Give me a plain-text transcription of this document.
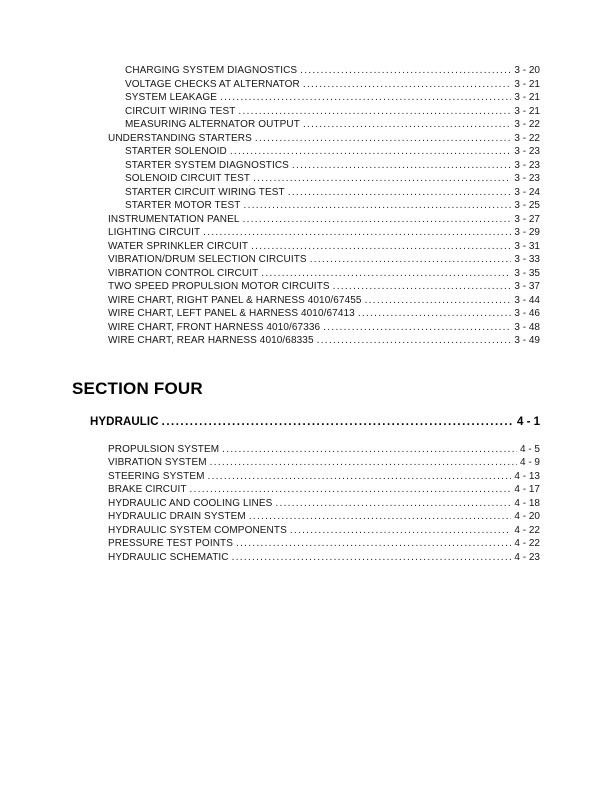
CHARGING SYSTEM DIAGNOSTICS .....	3 - 20
VOLTAGE CHECKS AT ALTERNATOR .....	3 - 21
SYSTEM LEAKAGE .....	3 - 21
CIRCUIT WIRING TEST .....	3 - 21
MEASURING ALTERNATOR OUTPUT .....	3 - 22
UNDERSTANDING STARTERS .....	3 - 22
STARTER SOLENOID .....	3 - 23
STARTER SYSTEM DIAGNOSTICS .....	3 - 23
SOLENOID CIRCUIT TEST .....	3 - 23
STARTER CIRCUIT WIRING TEST .....	3 - 24
STARTER MOTOR TEST .....	3 - 25
INSTRUMENTATION PANEL .....	3 - 27
LIGHTING CIRCUIT .....	3 - 29
WATER SPRINKLER CIRCUIT .....	3 - 31
VIBRATION/DRUM SELECTION CIRCUITS .....	3 - 33
VIBRATION CONTROL CIRCUIT .....	3 - 35
TWO SPEED PROPULSION MOTOR CIRCUITS .....	3 - 37
WIRE CHART, RIGHT PANEL & HARNESS 4010/67455 .....	3 - 44
WIRE CHART, LEFT PANEL & HARNESS 4010/67413 .....	3 - 46
WIRE CHART, FRONT HARNESS 4010/67336 .....	3 - 48
WIRE CHART, REAR HARNESS 4010/68335 .....	3 - 49
SECTION FOUR
HYDRAULIC .....	4 - 1
PROPULSION SYSTEM .....	4 - 5
VIBRATION SYSTEM .....	4 - 9
STEERING SYSTEM .....	4 - 13
BRAKE CIRCUIT .....	4 - 17
HYDRAULIC AND COOLING LINES .....	4 - 18
HYDRAULIC DRAIN SYSTEM .....	4 - 20
HYDRAULIC SYSTEM COMPONENTS .....	4 - 22
PRESSURE TEST POINTS .....	4 - 22
HYDRAULIC SCHEMATIC .....	4 - 23
